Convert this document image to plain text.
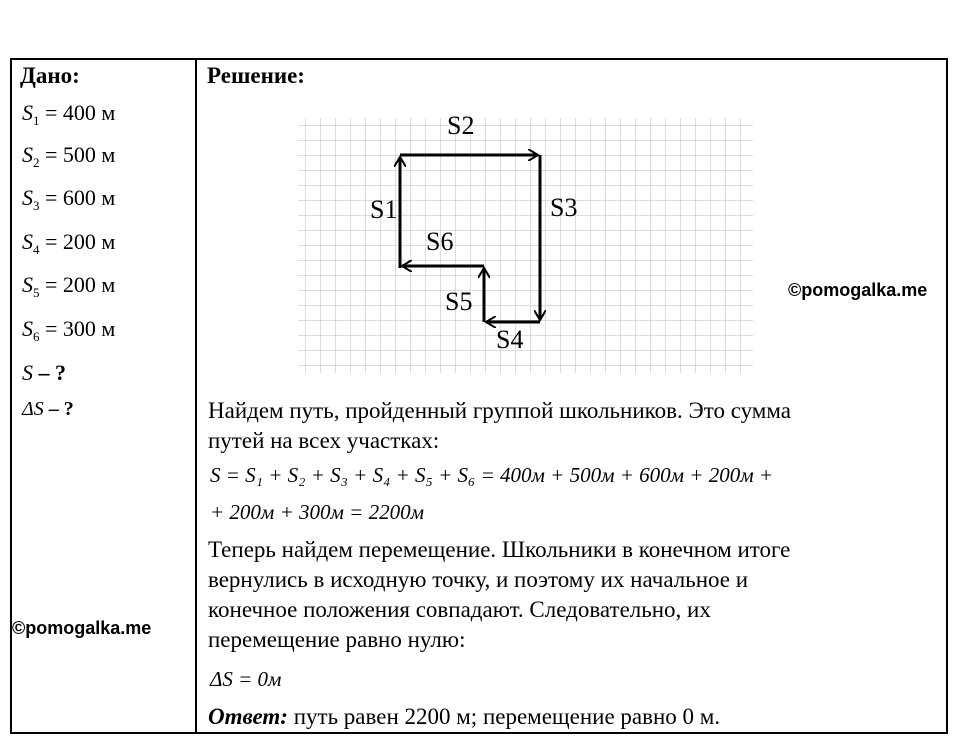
Дано:	Решение:
$S_1 = 400$ м
$S_2 = 500$ м
$S_3 = 600$ м
$S_4 = 200$ м
$S_5 = 200$ м
$S_6 = 300$ м
S – ?
ΔS – ?
©pomogalka.me
©pomogalka.me
S1
S2
S3
S4
S5
S6
Найдем путь, пройденный группой школьников. Это сумма
путей на всех участках:
S = S₁ + S₂ + S₃ + S₄ + S₅ + S₆ = 400м + 500м + 600м + 200м +
+ 200м + 300м = 2200м
Теперь найдем перемещение. Школьники в конечном итоге
вернулись в исходную точку, и поэтому их начальное и
конечное положения совпадают. Следовательно, их
перемещение равно нулю:
ΔS = 0м
Ответ: путь равен 2200 м; перемещение равно 0 м.
